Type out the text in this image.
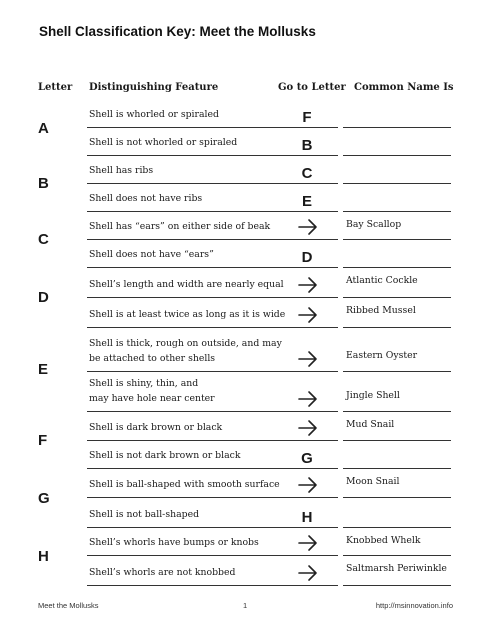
Shell Classification Key: Meet the Mollusks
Letter Distinguishing Feature	Go to Letter Common Name Is
A
Shell is whorled or spiraled	F
Shell is not whorled or spiraled	B
B
Shell has ribs	C
Shell does not have ribs	E
C
Shell has “ears” on either side of beak	Bay Scallop
Shell does not have “ears”	D
D
Shell’s length and width are nearly equal	Atlantic Cockle
Shell is at least twice as long as it is wide	Ribbed Mussel
E
Shell is thick, rough on outside, and may
be attached to other shells	Eastern Oyster
Shell is shiny, thin, and
may have hole near center	Jingle Shell
F
Shell is dark brown or black	Mud Snail
Shell is not dark brown or black	G
G
Shell is ball-shaped with smooth surface	Moon Snail
Shell is not ball-shaped	H
H
Shell’s whorls have bumps or knobs	Knobbed Whelk
Shell’s whorls are not knobbed	Saltmarsh Periwinkle
Meet the Mollusks	1	http://msinnovation.info
